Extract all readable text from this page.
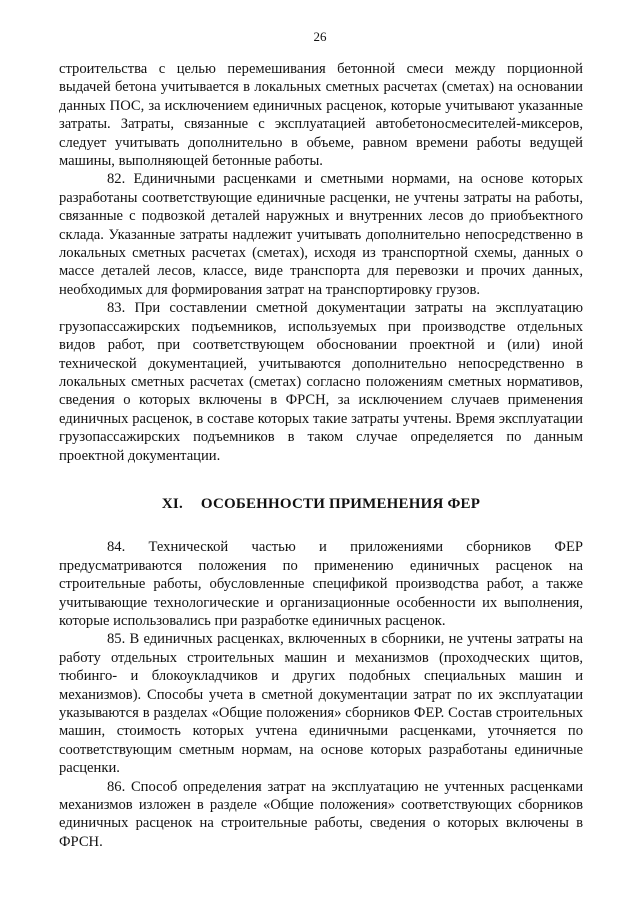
26

строительства с целью перемешивания бетонной смеси между порционной выдачей бетона учитывается в локальных сметных расчетах (сметах) на основании данных ПОС, за исключением единичных расценок, которые учитывают указанные затраты. Затраты, связанные с эксплуатацией автобетоносмесителей-миксеров, следует учитывать дополнительно в объеме, равном времени работы ведущей машины, выполняющей бетонные работы.

82. Единичными расценками и сметными нормами, на основе которых разработаны соответствующие единичные расценки, не учтены затраты на работы, связанные с подвозкой деталей наружных и внутренних лесов до приобъектного склада. Указанные затраты надлежит учитывать дополнительно непосредственно в локальных сметных расчетах (сметах), исходя из транспортной схемы, данных о массе деталей лесов, классе, виде транспорта для перевозки и прочих данных, необходимых для формирования затрат на транспортировку грузов.

83. При составлении сметной документации затраты на эксплуатацию грузопассажирских подъемников, используемых при производстве отдельных видов работ, при соответствующем обосновании проектной и (или) иной технической документацией, учитываются дополнительно непосредственно в локальных сметных расчетах (сметах) согласно положениям сметных нормативов, сведения о которых включены в ФРСН, за исключением случаев применения единичных расценок, в составе которых такие затраты учтены. Время эксплуатации грузопассажирских подъемников в таком случае определяется по данным проектной документации.

XI. ОСОБЕННОСТИ ПРИМЕНЕНИЯ ФЕР

84. Технической частью и приложениями сборников ФЕР предусматриваются положения по применению единичных расценок на строительные работы, обусловленные спецификой производства работ, а также учитывающие технологические и организационные особенности их выполнения, которые использовались при разработке единичных расценок.

85. В единичных расценках, включенных в сборники, не учтены затраты на работу отдельных строительных машин и механизмов (проходческих щитов, тюбинго- и блокоукладчиков и других подобных специальных машин и механизмов). Способы учета в сметной документации затрат по их эксплуатации указываются в разделах «Общие положения» сборников ФЕР. Состав строительных машин, стоимость которых учтена единичными расценками, уточняется по соответствующим сметным нормам, на основе которых разработаны единичные расценки.

86. Способ определения затрат на эксплуатацию не учтенных расценками механизмов изложен в разделе «Общие положения» соответствующих сборников единичных расценок на строительные работы, сведения о которых включены в ФРСН.
